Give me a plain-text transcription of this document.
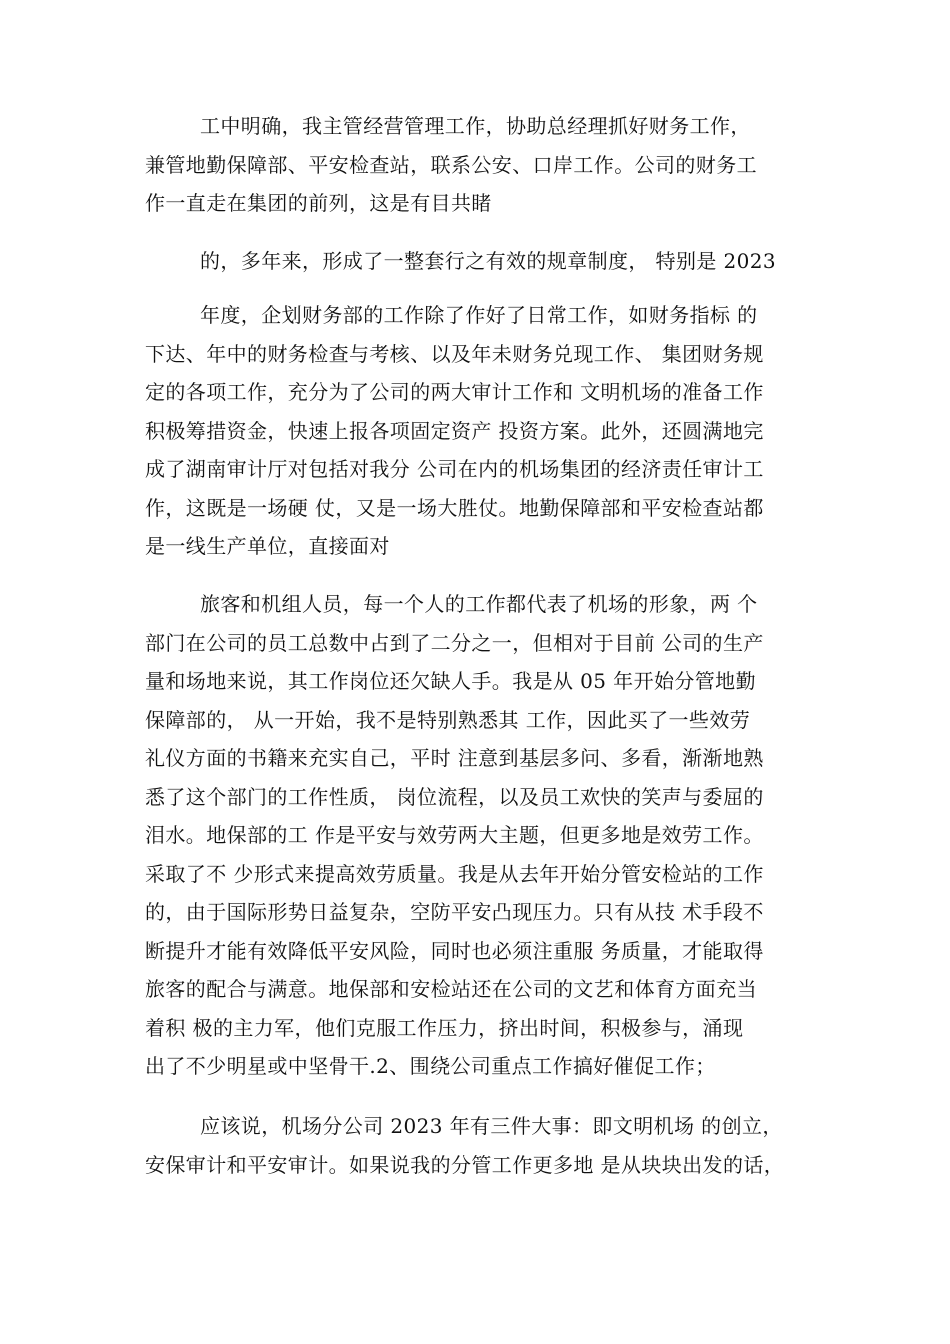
工中明确，我主管经营管理工作，协助总经理抓好财务工作，
兼管地勤保障部、平安检查站，联系公安、口岸工作。公司的财务工
作一直走在集团的前列，这是有目共睹
的，多年来，形成了一整套行之有效的规章制度， 特别是 2023
年度，企划财务部的工作除了作好了日常工作，如财务指标 的
下达、年中的财务检查与考核、以及年未财务兑现工作、 集团财务规
定的各项工作，充分为了公司的两大审计工作和 文明机场的准备工作
积极筹措资金，快速上报各项固定资产 投资方案。此外，还圆满地完
成了湖南审计厅对包括对我分 公司在内的机场集团的经济责任审计工
作，这既是一场硬 仗，又是一场大胜仗。地勤保障部和平安检查站都
是一线生产单位，直接面对
旅客和机组人员，每一个人的工作都代表了机场的形象，两 个
部门在公司的员工总数中占到了二分之一，但相对于目前 公司的生产
量和场地来说，其工作岗位还欠缺人手。我是从 05 年开始分管地勤
保障部的， 从一开始，我不是特别熟悉其 工作，因此买了一些效劳
礼仪方面的书籍来充实自己，平时 注意到基层多问、多看，渐渐地熟
悉了这个部门的工作性质， 岗位流程，以及员工欢快的笑声与委屈的
泪水。地保部的工 作是平安与效劳两大主题，但更多地是效劳工作。
采取了不 少形式来提高效劳质量。我是从去年开始分管安检站的工作
的，由于国际形势日益复杂，空防平安凸现压力。只有从技 术手段不
断提升才能有效降低平安风险，同时也必须注重服 务质量，才能取得
旅客的配合与满意。地保部和安检站还在公司的文艺和体育方面充当
着积 极的主力军，他们克服工作压力，挤出时间，积极参与，涌现
出了不少明星或中坚骨干.2、围绕公司重点工作搞好催促工作；
应该说，机场分公司 2023 年有三件大事：即文明机场 的创立，
安保审计和平安审计。如果说我的分管工作更多地 是从块块出发的话，
